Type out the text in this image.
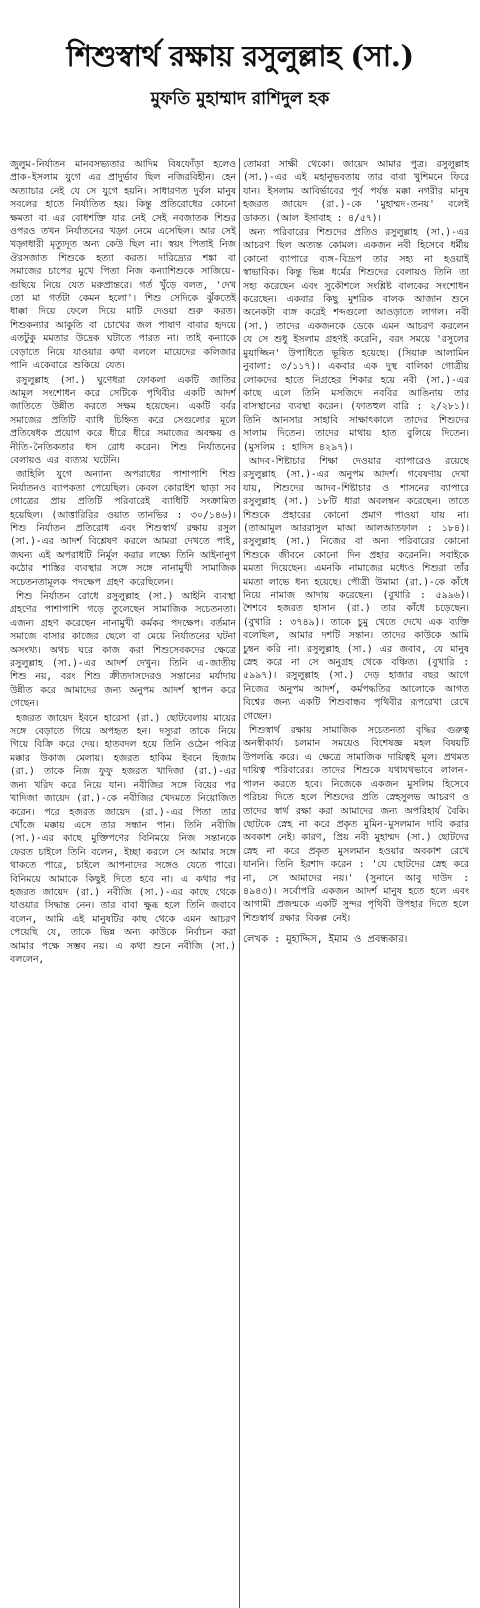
শিশুস্বার্থ রক্ষায় রসুলুল্লাহ (সা.)
মুফতি মুহাম্মাদ রাশিদুল হক

জুলুম-নির্যাতন মানবসভ্যতার আদিম বিষফোঁড়া হলেও প্রাক-ইসলাম যুগে এর প্রাদুর্ভাব ছিল নজিরবিহীন। হেন অত্যাচার নেই যে সে যুগে হয়নি। সাধারণত দুর্বল মানুষ সবলের হাতে নির্যাতিত হয়। কিন্তু প্রতিরোধের কোনো ক্ষমতা বা এর বোধশক্তি যার নেই সেই নবজাতক শিশুর ওপরও তখন নির্যাতনের খড়্গ নেমে এসেছিল। আর সেই খড়্গধারী মৃত্যুদূত অন্য কেউ ছিল না। স্বয়ং পিতাই নিজ ঔরসজাত শিশুকে হত্যা করত। দারিদ্র্যের শঙ্কা বা সমাজের চাপের মুখে পিতা নিজ কন্যাশিশুকে সাজিয়ে-গুছিয়ে নিয়ে যেত মরুপ্রান্তরে। গর্ত খুঁড়ে বলত, 'দেখ তো মা গর্তটা কেমন হলো'। শিশু সেদিকে ঝুঁকতেই ধাক্কা দিয়ে ফেলে দিয়ে মাটি দেওয়া শুরু করত। শিশুকন্যার আকুতি বা চোখের জল পাষাণ বাবার হৃদয়ে এতটুকু মমতার উদ্রেক ঘটাতে পারত না। তাই কন্যাকে বেড়াতে নিয়ে যাওয়ার কথা বললে মায়েদের কলিজার পানি একেবারে শুকিয়ে যেত।

রসুলুল্লাহ (সা.) ঘুণেধরা ফোকলা একটি জাতির আমূল সংশোধন করে সেটিকে পৃথিবীর একটি আদর্শ জাতিতে উন্নীত করতে সক্ষম হয়েছেন। একটি বর্বর সমাজের প্রতিটি ব্যাধি চিহ্নিত করে সেগুলোর মূলে প্রতিষেধক প্রয়োগ করে ধীরে ধীরে সমাজের অবক্ষয় ও নীতি-নৈতিকতার ধস রোধ করেন। শিশু নির্যাতনের বেলায়ও এর ব্যত্যয় ঘটেনি।

জাহিলি যুগে অন্যান্য অপরাধের পাশাপাশি শিশু নির্যাতনও ব্যাপকতা পেয়েছিল। কেবল কোরাইশ ছাড়া সব গোত্রের প্রায় প্রতিটি পরিবারেই ব্যাধিটি সংক্রামিত হয়েছিল। (আত্তারিরির ওয়াত তানভির : ৩০/১৪৬)। শিশু নির্যাতন প্রতিরোধ এবং শিশুস্বার্থ রক্ষায় রসুল (সা.)-এর আদর্শ বিশ্লেষণ করলে আমরা দেখতে পাই, জঘন্য এই অপরাধটি নির্মূল করার লক্ষ্যে তিনি আইনানুগ কঠোর শাস্তির ব্যবস্থার সঙ্গে সঙ্গে নানামুখী সামাজিক সচেতনতামূলক পদক্ষেপ গ্রহণ করেছিলেন।

শিশু নির্যাতন রোধে রসুলুল্লাহ (সা.) আইনি ব্যবস্থা গ্রহণের পাশাপাশি গড়ে তুলেছেন সামাজিক সচেতনতা। এজন্য গ্রহণ করেছেন নানামুখী কর্মকর পদক্ষেপ। বর্তমান সমাজে বাসার কাজের ছেলে বা মেয়ে নির্যাতনের ঘটনা অসংখ্য। অথচ ঘরে কাজ করা শিশুসেবকদের ক্ষেত্রে রসুলুল্লাহ (সা.)-এর আদর্শ দেখুন। তিনি এ-জাতীয় শিশু নয়, বরং শিশু ক্রীতদাসদেরও সন্তানের মর্যাদায় উন্নীত করে আমাদের জন্য অনুপম আদর্শ স্থাপন করে গেছেন।

হজরত জায়েদ ইবনে হারেসা (রা.) ছোটবেলায় মায়ের সঙ্গে বেড়াতে গিয়ে অপহৃত হন। দস্যুরা তাকে নিয়ে গিয়ে বিক্রি করে দেয়। হাতবদল হয়ে তিনি ওঠেন পবিত্র মক্কার উকাজ মেলায়। হজরত হাকিম ইবনে হিজাম (রা.) তাকে নিজ ফুফু হজরত খাদিজা (রা.)-এর জন্য খরিদ করে নিয়ে যান। নবীজির সঙ্গে বিয়ের পর খাদিজা জায়েদ (রা.)-কে নবীজির খেদমতে নিয়োজিত করেন। পরে হজরত জায়েদ (রা.)-এর পিতা তার খোঁজে মক্কায় এসে তার সন্ধান পান। তিনি নবীজি (সা.)-এর কাছে মুক্তিপণের বিনিময়ে নিজ সন্তানকে ফেরত চাইলে তিনি বলেন, ইচ্ছা করলে সে আমার সঙ্গে থাকতে পারে, চাইলে আপনাদের সঙ্গেও যেতে পারে। বিনিময়ে আমাকে কিছুই দিতে হবে না। এ কথার পর হজরত জায়েদ (রা.) নবীজি (সা.)-এর কাছে থেকে যাওয়ার সিদ্ধান্ত নেন। তার বাবা ক্ষুব্ধ হলে তিনি জবাবে বলেন, আমি এই মানুষটির কাছ থেকে এমন আচরণ পেয়েছি যে, তাকে ভিন্ন অন্য কাউকে নির্বাচন করা আমার পক্ষে সম্ভব নয়। এ কথা শুনে নবীজি (সা.) বললেন,

তোমরা সাক্ষী থেকো। জায়েদ আমার পুত্র। রসুলুল্লাহ (সা.)-এর এই মহানুভবতায় তার বাবা খুশিমনে ফিরে যান। ইসলাম আবির্ভাবের পূর্ব পর্যন্ত মক্কা নগরীর মানুষ হজরত জায়েদ (রা.)-কে 'মুহাম্মদ-তনয়' বলেই ডাকত। (আল ইসাবাহ : ৪/৫৭)।

অন্য পরিবারের শিশুদের প্রতিও রসুলুল্লাহ (সা.)-এর আচরণ ছিল অত্যন্ত কোমল। একজন নবী হিসেবে ধর্মীয় কোনো ব্যাপারে ব্যঙ্গ-বিদ্রূপ তার সহ্য না হওয়াই স্বাভাবিক। কিন্তু ভিন্ন ধর্মের শিশুদের বেলায়ও তিনি তা সহ্য করেছেন এবং সুকৌশলে সংশ্লিষ্ট বালকের সংশোধন করেছেন। একবার কিছু মুশরিক বালক আজান শুনে অনেকটা ব্যঙ্গ করেই শব্দগুলো আওড়াতে লাগল। নবী (সা.) তাদের একজনকে ডেকে এমন আচরণ করলেন যে সে শুধু ইসলাম গ্রহণই করেনি, বরং সময়ে 'রসুলের মুয়াজ্জিন' উপাধিতে ভূষিত হয়েছে। (সিয়ারু আলামিন নুবালা: ৩/১১৭)। একবার এক দুস্থ বালিকা গোত্রীয় লোকদের হাতে নিগ্রহের শিকার হয়ে নবী (সা.)-এর কাছে এলে তিনি মসজিদে নববির আঙিনায় তার বাসস্থানের ব্যবস্থা করেন। (ফাতহুল বারি : ২/২৮১)। তিনি আনসার সাহাবি সাক্ষাৎকালে তাদের শিশুদের সালাম দিতেন। তাদের মাথায় হাত বুলিয়ে দিতেন। (মুসলিম : হাদিস ৪২৯৭)।

আদব-শিষ্টাচার শিক্ষা দেওয়ার ব্যাপারেও রয়েছে রসুলুল্লাহ (সা.)-এর অনুপম আদর্শ। গবেষণায় দেখা যায়, শিশুদের আদব-শিষ্টাচার ও শাসনের ব্যাপারে রসুলুল্লাহ (সা.) ১৮টি ধারা অবলম্বন করেছেন। তাতে শিশুকে প্রহারের কোনো প্রমাণ পাওয়া যায় না। (তাআমুল আররাসুল মাআ আলআতফাল : ১৮৪)। রসুলুল্লাহ (সা.) নিজের বা অন্য পরিবারের কোনো শিশুকে জীবনে কোনো দিন প্রহার করেননি। সবাইকে মমতা দিয়েছেন। এমনকি নামাজের মধ্যেও শিশুরা তাঁর মমতা লাভে ধন্য হয়েছে। পৌত্রী উমামা (রা.)-কে কাঁধে নিয়ে নামাজ আদায় করেছেন। (বুখারি : ৫৯৯৬)। শৈশবে হজরত হাসান (রা.) তার কাঁধে চড়েছেন। (বুখারি : ৩৭৪৯)। তাকে চুমু খেতে দেখে এক ব্যক্তি বলেছিল, আমার দশটি সন্তান। তাদের কাউকে আমি চুম্বন করি না। রসুলুল্লাহ (সা.) এর জবাব, যে মানুষ স্নেহ করে না সে অনুগ্রহ থেকে বঞ্চিত। (বুখারি : ৫৯৯৭)। রসুলুল্লাহ (সা.) দেড় হাজার বছর আগে নিজের অনুপম আদর্শ, কর্মপদ্ধতির আলোকে আগত বিশ্বের জন্য একটি শিশুবান্ধব পৃথিবীর রূপরেখা রেখে গেছেন।

শিশুস্বার্থ রক্ষায় সামাজিক সচেতনতা বৃদ্ধির গুরুত্ব অনস্বীকার্য। চলমান সময়েও বিশেষজ্ঞ মহল বিষয়টি উপলব্ধি করে। এ ক্ষেত্রে সামাজিক দায়িত্বই মূল। প্রথমত দায়িত্ব পরিবারের। তাদের শিশুকে যথাযথভাবে লালন-পালন করতে হবে। নিজেকে একজন মুসলিম হিসেবে পরিচয় দিতে হলে শিশুদের প্রতি স্নেহসুলভ আচরণ ও তাদের স্বার্থ রক্ষা করা আমাদের জন্য অপরিহার্য বৈকি। ছোটকে স্নেহ না করে প্রকৃত মুমিন-মুসলমান দাবি করার অবকাশ নেই। কারণ, প্রিয় নবী মুহাম্মদ (সা.) ছোটদের স্নেহ না করে প্রকৃত মুসলমান হওয়ার অবকাশ রেখে যাননি। তিনি ইরশাদ করেন : 'যে ছোটদের স্নেহ করে না, সে আমাদের নয়।' (সুনানে আবু দাউদ : ৪৯৪৩)। সর্বোপরি একজন আদর্শ মানুষ হতে হলে এবং আগামী প্রজন্মকে একটি সুন্দর পৃথিবী উপহার দিতে হলে শিশুস্বার্থ রক্ষার বিকল্প নেই।

লেখক : মুহাদ্দিস, ইমাম ও প্রবন্ধকার।
